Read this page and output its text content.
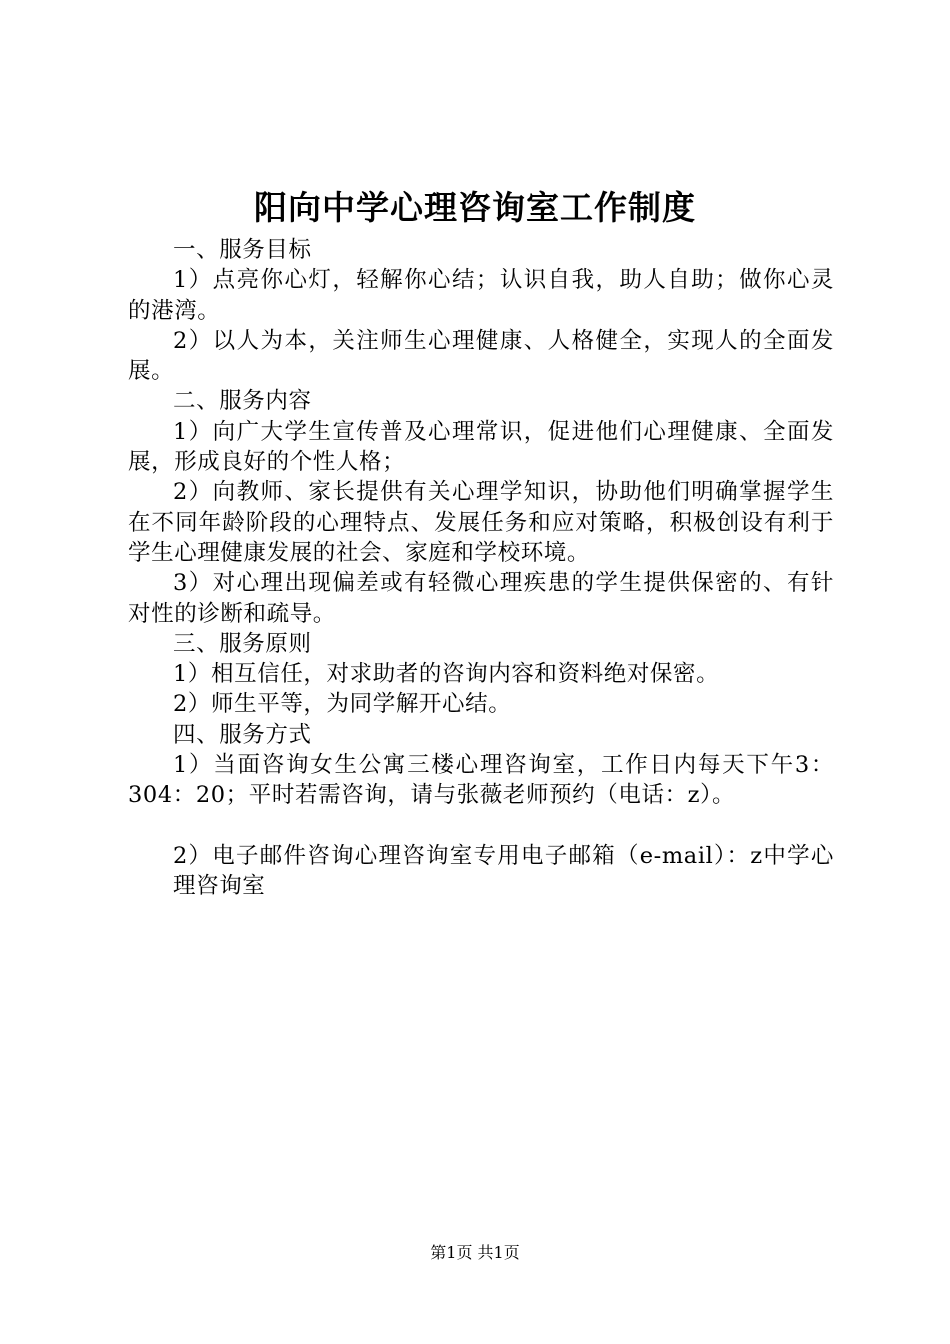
阳向中学心理咨询室工作制度

一、服务目标

1）点亮你心灯，轻解你心结；认识自我，助人自助；做你心灵的港湾。

2）以人为本，关注师生心理健康、人格健全，实现人的全面发展。

二、服务内容

1）向广大学生宣传普及心理常识，促进他们心理健康、全面发展，形成良好的个性人格；

2）向教师、家长提供有关心理学知识，协助他们明确掌握学生在不同年龄阶段的心理特点、发展任务和应对策略，积极创设有利于学生心理健康发展的社会、家庭和学校环境。

3）对心理出现偏差或有轻微心理疾患的学生提供保密的、有针对性的诊断和疏导。

三、服务原则

1）相互信任，对求助者的咨询内容和资料绝对保密。

2）师生平等，为同学解开心结。

四、服务方式

1）当面咨询女生公寓三楼心理咨询室，工作日内每天下午3：304：20；平时若需咨询，请与张薇老师预约（电话：z）。

2）电子邮件咨询心理咨询室专用电子邮箱（e-mail）：z中学心理咨询室

第1页 共1页
